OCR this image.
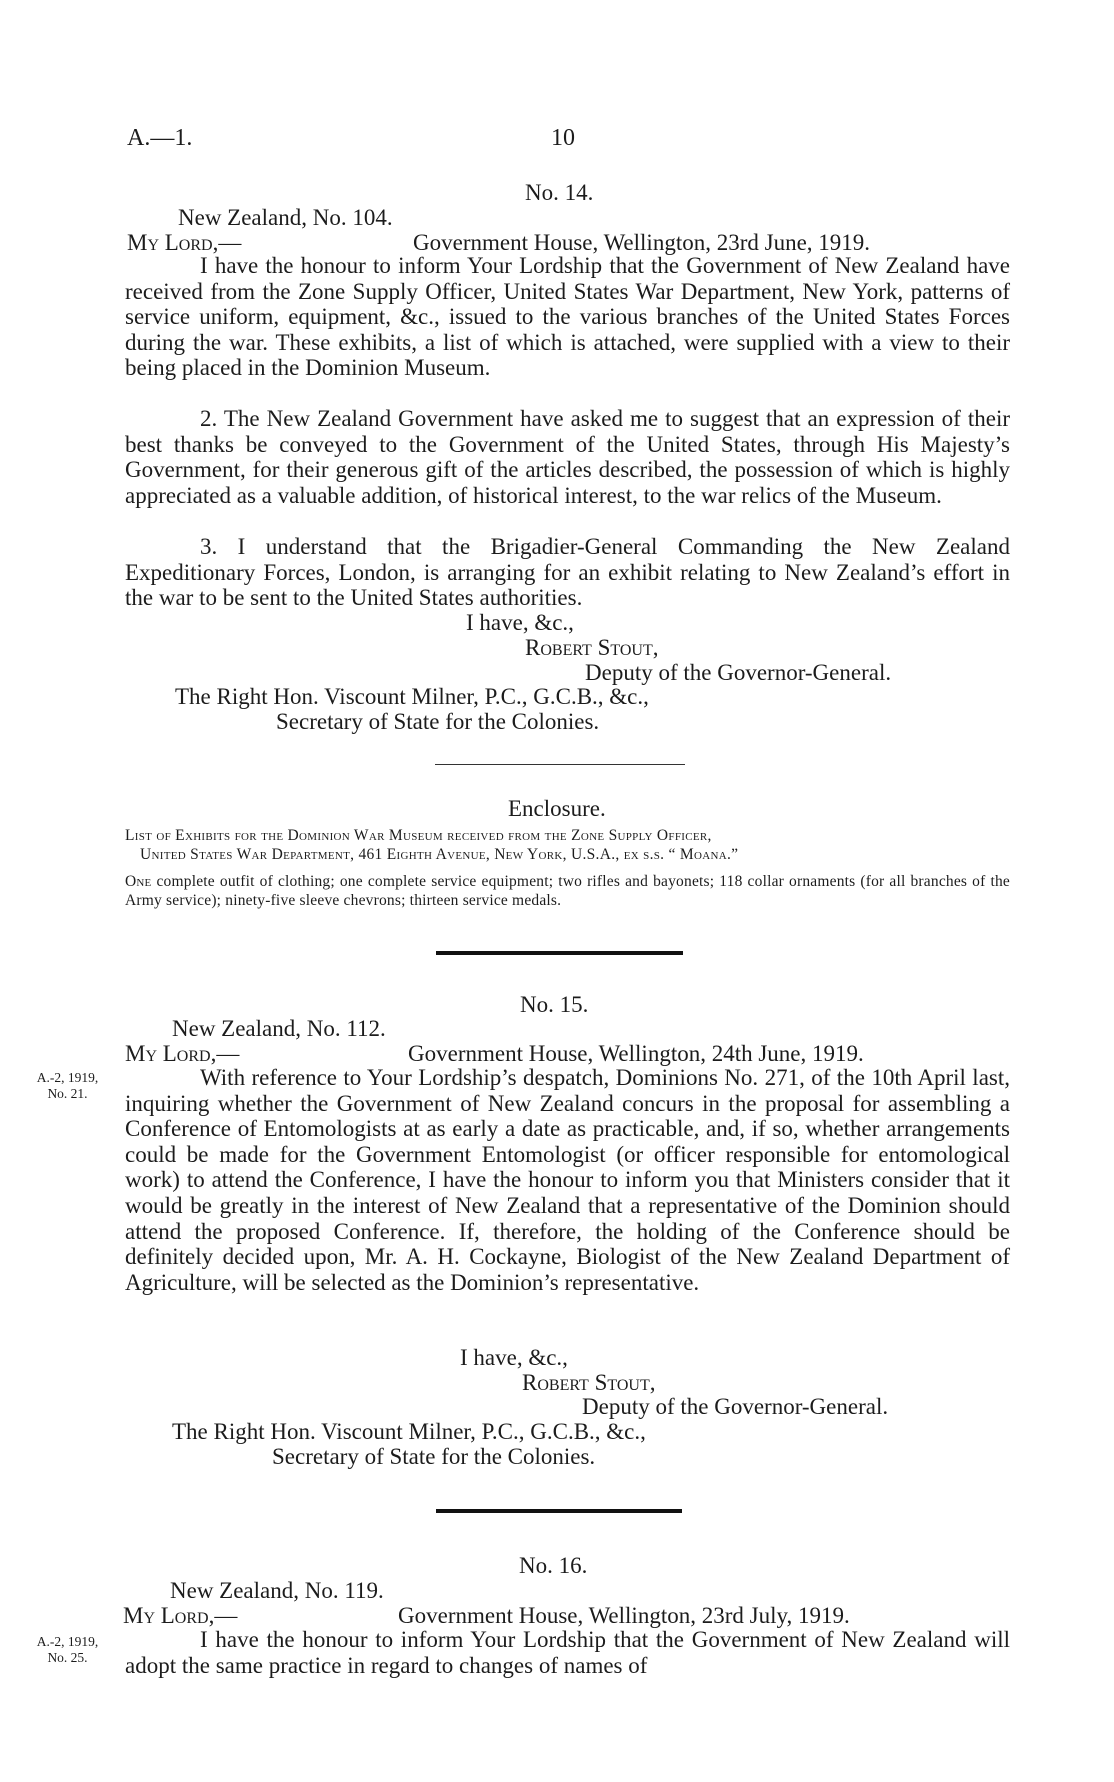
A.—1.	10
No. 14.
New Zealand, No. 104.
My Lord,—	Government House, Wellington, 23rd June, 1919.

I have the honour to inform Your Lordship that the Government of New Zealand have received from the Zone Supply Officer, United States War Department, New York, patterns of service uniform, equipment, &c., issued to the various branches of the United States Forces during the war. These exhibits, a list of which is attached, were supplied with a view to their being placed in the Dominion Museum.

2. The New Zealand Government have asked me to suggest that an expression of their best thanks be conveyed to the Government of the United States, through His Majesty’s Government, for their generous gift of the articles described, the possession of which is highly appreciated as a valuable addition, of historical interest, to the war relics of the Museum.

3. I understand that the Brigadier-General Commanding the New Zealand Expeditionary Forces, London, is arranging for an exhibit relating to New Zealand’s effort in the war to be sent to the United States authorities.

I have, &c.,
Robert Stout,
Deputy of the Governor-General.
The Right Hon. Viscount Milner, P.C., G.C.B., &c.,
Secretary of State for the Colonies.
Enclosure.
List of Exhibits for the Dominion War Museum received from the Zone Supply Officer,
United States War Department, 461 Eighth Avenue, New York, U.S.A., ex s.s. “ Moana.”

One complete outfit of clothing; one complete service equipment; two rifles and bayonets; 118 collar ornaments (for all branches of the Army service); ninety-five sleeve chevrons; thirteen service medals.

No. 15.
New Zealand, No. 112.
My Lord,—	Government House, Wellington, 24th June, 1919.
A.-2, 1919,
No. 21.

With reference to Your Lordship’s despatch, Dominions No. 271, of the 10th April last, inquiring whether the Government of New Zealand concurs in the proposal for assembling a Conference of Entomologists at as early a date as practicable, and, if so, whether arrangements could be made for the Government Entomologist (or officer responsible for entomological work) to attend the Conference, I have the honour to inform you that Ministers consider that it would be greatly in the interest of New Zealand that a representative of the Dominion should attend the proposed Conference. If, therefore, the holding of the Conference should be definitely decided upon, Mr. A. H. Cockayne, Biologist of the New Zealand Department of Agriculture, will be selected as the Dominion’s representative.

I have, &c.,
Robert Stout,
Deputy of the Governor-General.
The Right Hon. Viscount Milner, P.C., G.C.B., &c.,
Secretary of State for the Colonies.
No. 16.
New Zealand, No. 119.
My Lord,—	Government House, Wellington, 23rd July, 1919.
A.-2, 1919,
No. 25.

I have the honour to inform Your Lordship that the Government of New Zealand will adopt the same practice in regard to changes of names of
